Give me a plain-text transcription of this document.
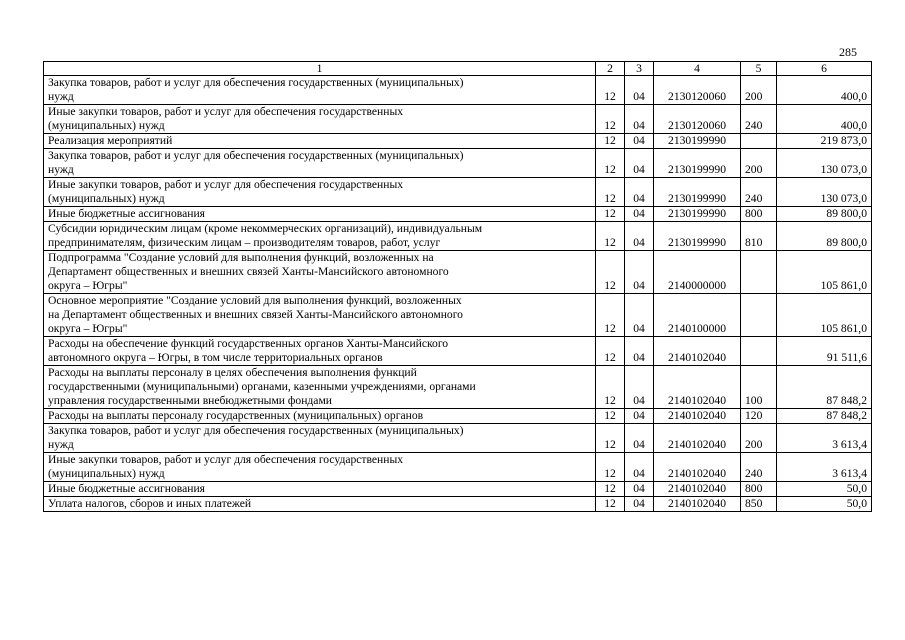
285
1	2	3	4	5	6
Закупка товаров, работ и услуг для обеспечения государственных (муниципальных)
нужд	12	04	2130120060	200	400,0
Иные закупки товаров, работ и услуг для обеспечения государственных
(муниципальных) нужд	12	04	2130120060	240	400,0
Реализация мероприятий	12	04	2130199990		219 873,0
Закупка товаров, работ и услуг для обеспечения государственных (муниципальных)
нужд	12	04	2130199990	200	130 073,0
Иные закупки товаров, работ и услуг для обеспечения государственных
(муниципальных) нужд	12	04	2130199990	240	130 073,0
Иные бюджетные ассигнования	12	04	2130199990	800	89 800,0
Субсидии юридическим лицам (кроме некоммерческих организаций), индивидуальным
предпринимателям, физическим лицам – производителям товаров, работ, услуг	12	04	2130199990	810	89 800,0
Подпрограмма "Создание условий для выполнения функций, возложенных на
Департамент общественных и внешних связей Ханты-Мансийского автономного
округа – Югры"	12	04	2140000000		105 861,0
Основное мероприятие "Создание условий для выполнения функций, возложенных
на Департамент общественных и внешних связей Ханты-Мансийского автономного
округа – Югры"	12	04	2140100000		105 861,0
Расходы на обеспечение функций государственных органов Ханты-Мансийского
автономного округа – Югры, в том числе территориальных органов	12	04	2140102040		91 511,6
Расходы на выплаты персоналу в целях обеспечения выполнения функций
государственными (муниципальными) органами, казенными учреждениями, органами
управления государственными внебюджетными фондами	12	04	2140102040	100	87 848,2
Расходы на выплаты персоналу государственных (муниципальных) органов	12	04	2140102040	120	87 848,2
Закупка товаров, работ и услуг для обеспечения государственных (муниципальных)
нужд	12	04	2140102040	200	3 613,4
Иные закупки товаров, работ и услуг для обеспечения государственных
(муниципальных) нужд	12	04	2140102040	240	3 613,4
Иные бюджетные ассигнования	12	04	2140102040	800	50,0
Уплата налогов, сборов и иных платежей	12	04	2140102040	850	50,0
